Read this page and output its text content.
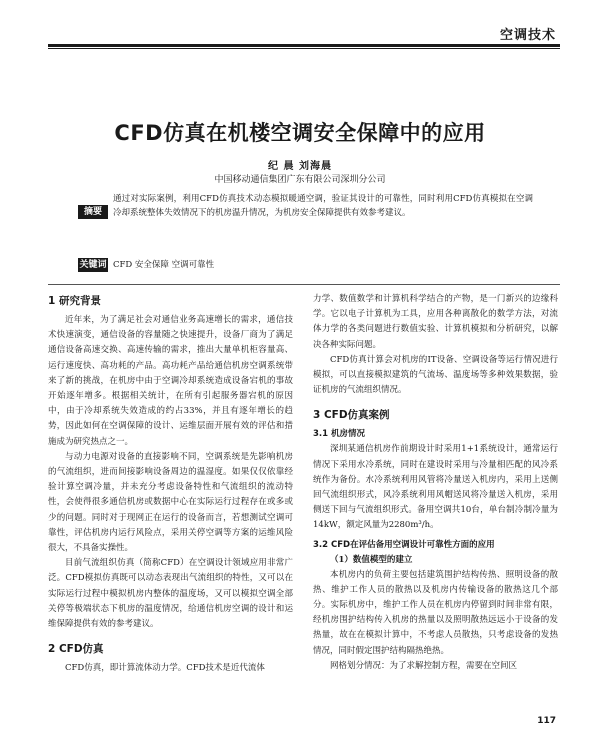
空调技术
CFD仿真在机楼空调安全保障中的应用
纪 晨 刘海晨
中国移动通信集团广东有限公司深圳分公司
摘要
通过对实际案例，利用CFD仿真技术动态模拟暖通空调，验证其设计的可靠性，同时利用CFD仿真模拟在空调冷却系统整体失效情况下的机房温升情况，为机房安全保障提供有效参考建议。
关键词 CFD 安全保障 空调可靠性
1 研究背景

近年来，为了满足社会对通信业务高速增长的需求，通信技术快速演变，通信设备的容量随之快速提升，设备厂商为了满足通信设备高速交换、高速传输的需求，推出大量单机柜容量高、运行速度快、高功耗的产品。高功耗产品给通信机房空调系统带来了新的挑战，在机房中由于空调冷却系统造成设备宕机的事故开始逐年增多。根据相关统计，在所有引起服务器宕机的原因中，由于冷却系统失效造成的约占33%，并且有逐年增长的趋势，因此如何在空调保障的设计、运维层面开展有效的评估和措施成为研究热点之一。

与动力电源对设备的直接影响不同，空调系统是先影响机房的气流组织，进而间接影响设备周边的温湿度。如果仅仅依靠经验计算空调冷量，并未充分考虑设备特性和气流组织的流动特性，会使得很多通信机房或数据中心在实际运行过程存在或多或少的问题。同时对于现网正在运行的设备而言，若想测试空调可靠性，评估机房内运行风险点，采用关停空调等方案的运维风险很大，不具备实操性。

目前气流组织仿真（简称CFD）在空调设计领域应用非常广泛。CFD模拟仿真既可以动态表现出气流组织的特性，又可以在实际运行过程中模拟机房内整体的温度场，又可以模拟空调全部关停等极端状态下机房的温度情况，给通信机房空调的设计和运维保障提供有效的参考建议。

2 CFD仿真

CFD仿真，即计算流体动力学。CFD技术是近代流体

力学、数值数学和计算机科学结合的产物，是一门新兴的边缘科学。它以电子计算机为工具，应用各种离散化的数学方法，对流体力学的各类问题进行数值实验、计算机模拟和分析研究，以解决各种实际问题。

CFD仿真计算会对机房的IT设备、空调设备等运行情况进行模拟，可以直接模拟建筑的气流场、温度场等多种效果数据，验证机房的气流组织情况。

3 CFD仿真案例
3.1 机房情况

深圳某通信机房作前期设计时采用1+1系统设计，通常运行情况下采用水冷系统，同时在建设时采用与冷量相匹配的风冷系统作为备份。水冷系统利用风管将冷量送入机房内，采用上送侧回气流组织形式，风冷系统利用风帽送风将冷量送入机房，采用侧送下回与气流组织形式。备用空调共10台，单台制冷制冷量为14kW，额定风量为2280m³/h。

3.2 CFD在评估备用空调设计可靠性方面的应用
（1）数值模型的建立

本机房内的负荷主要包括建筑围护结构传热、照明设备的散热、维护工作人员的散热以及机房内传输设备的散热这几个部分。实际机房中，维护工作人员在机房内停留到时间非常有限，经机房围护结构传入机房的热量以及照明散热远远小于设备的发热量，故在在模拟计算中，不考虑人员散热，只考虑设备的发热情况，同时假定围护结构隔热绝热。

网格划分情况：为了求解控制方程，需要在空间区

117
